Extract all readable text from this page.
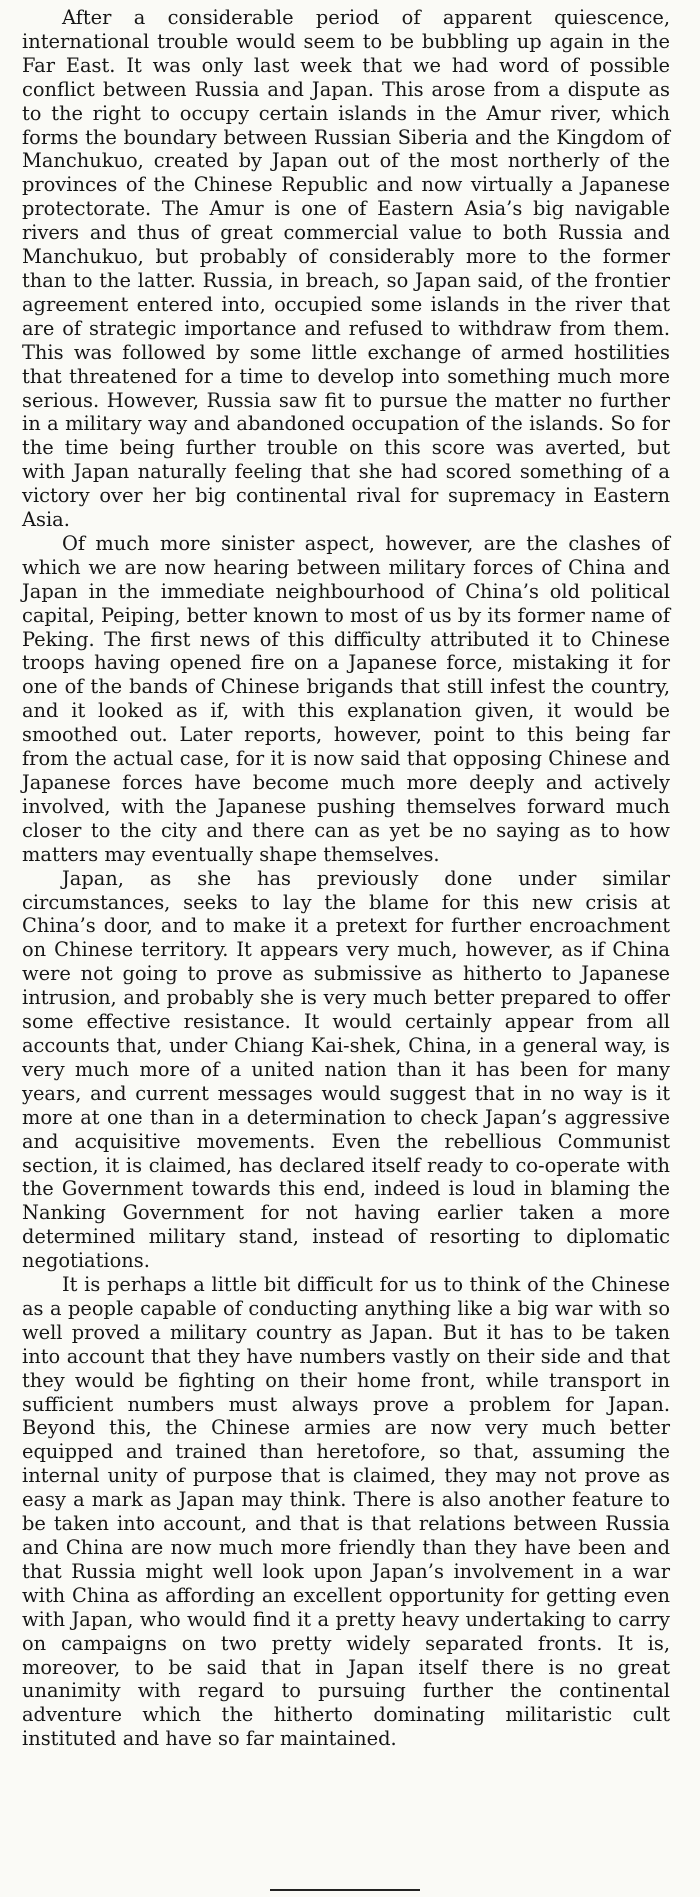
After a considerable period of apparent quiescence, international trouble would seem to be bubbling up again in the Far East. It was only last week that we had word of possible conflict between Russia and Japan. This arose from a dispute as to the right to occupy certain islands in the Amur river, which forms the boundary between Russian Siberia and the Kingdom of Manchukuo, created by Japan out of the most northerly of the provinces of the Chinese Republic and now virtually a Japanese protectorate. The Amur is one of Eastern Asia’s big navigable rivers and thus of great commercial value to both Russia and Manchukuo, but probably of considerably more to the former than to the latter. Russia, in breach, so Japan said, of the frontier agreement entered into, occupied some islands in the river that are of strategic importance and refused to withdraw from them. This was followed by some little exchange of armed hostilities that threatened for a time to develop into something much more serious. However, Russia saw fit to pursue the matter no further in a military way and abandoned occupation of the islands. So for the time being further trouble on this score was averted, but with Japan naturally feeling that she had scored something of a victory over her big continental rival for supremacy in Eastern Asia.

Of much more sinister aspect, however, are the clashes of which we are now hearing between military forces of China and Japan in the immediate neighbourhood of China’s old political capital, Peiping, better known to most of us by its former name of Peking. The first news of this difficulty attributed it to Chinese troops having opened fire on a Japanese force, mistaking it for one of the bands of Chinese brigands that still infest the country, and it looked as if, with this explanation given, it would be smoothed out. Later reports, however, point to this being far from the actual case, for it is now said that opposing Chinese and Japanese forces have become much more deeply and actively involved, with the Japanese pushing themselves forward much closer to the city and there can as yet be no saying as to how matters may eventually shape themselves.

Japan, as she has previously done under similar circumstances, seeks to lay the blame for this new crisis at China’s door, and to make it a pretext for further encroachment on Chinese territory. It appears very much, however, as if China were not going to prove as submissive as hitherto to Japanese intrusion, and probably she is very much better prepared to offer some effective resistance. It would certainly appear from all accounts that, under Chiang Kai-shek, China, in a general way, is very much more of a united nation than it has been for many years, and current messages would suggest that in no way is it more at one than in a determination to check Japan’s aggressive and acquisitive movements. Even the rebellious Communist section, it is claimed, has declared itself ready to co-operate with the Government towards this end, indeed is loud in blaming the Nanking Government for not having earlier taken a more determined military stand, instead of resorting to diplomatic negotiations.

It is perhaps a little bit difficult for us to think of the Chinese as a people capable of conducting anything like a big war with so well proved a military country as Japan. But it has to be taken into account that they have numbers vastly on their side and that they would be fighting on their home front, while transport in sufficient numbers must always prove a problem for Japan. Beyond this, the Chinese armies are now very much better equipped and trained than heretofore, so that, assuming the internal unity of purpose that is claimed, they may not prove as easy a mark as Japan may think. There is also another feature to be taken into account, and that is that relations between Russia and China are now much more friendly than they have been and that Russia might well look upon Japan’s involvement in a war with China as affording an excellent opportunity for getting even with Japan, who would find it a pretty heavy undertaking to carry on campaigns on two pretty widely separated fronts. It is, moreover, to be said that in Japan itself there is no great unanimity with regard to pursuing further the continental adventure which the hitherto dominating militaristic cult instituted and have so far maintained.
